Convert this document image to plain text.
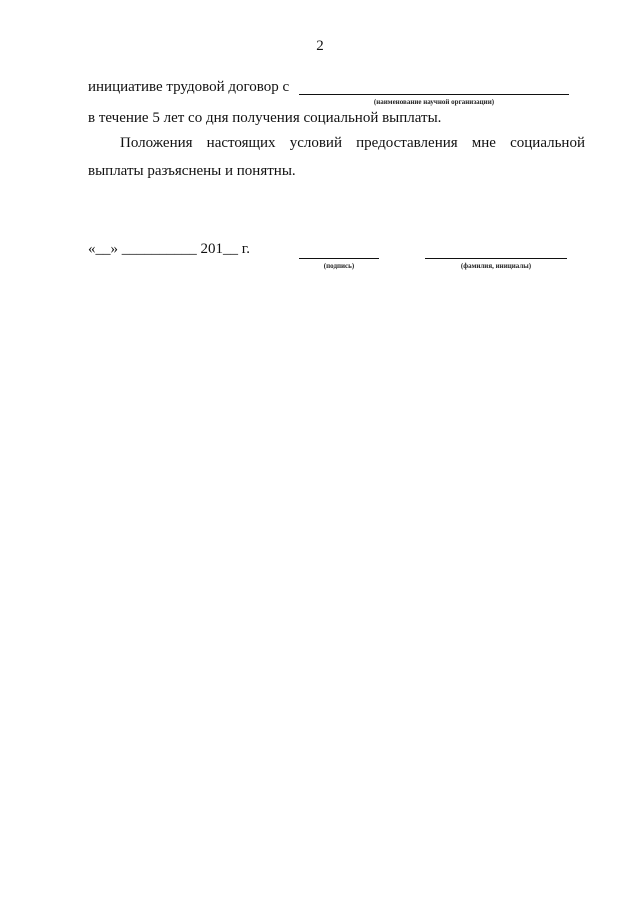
2
инициативе трудовой договор с
(наименование научной организации)
в течение 5 лет со дня получения социальной выплаты.
Положения настоящих условий предоставления мне социальной
выплаты разъяснены и понятны.
«__» __________ 201__ г.
(подпись)	(фамилия, инициалы)
